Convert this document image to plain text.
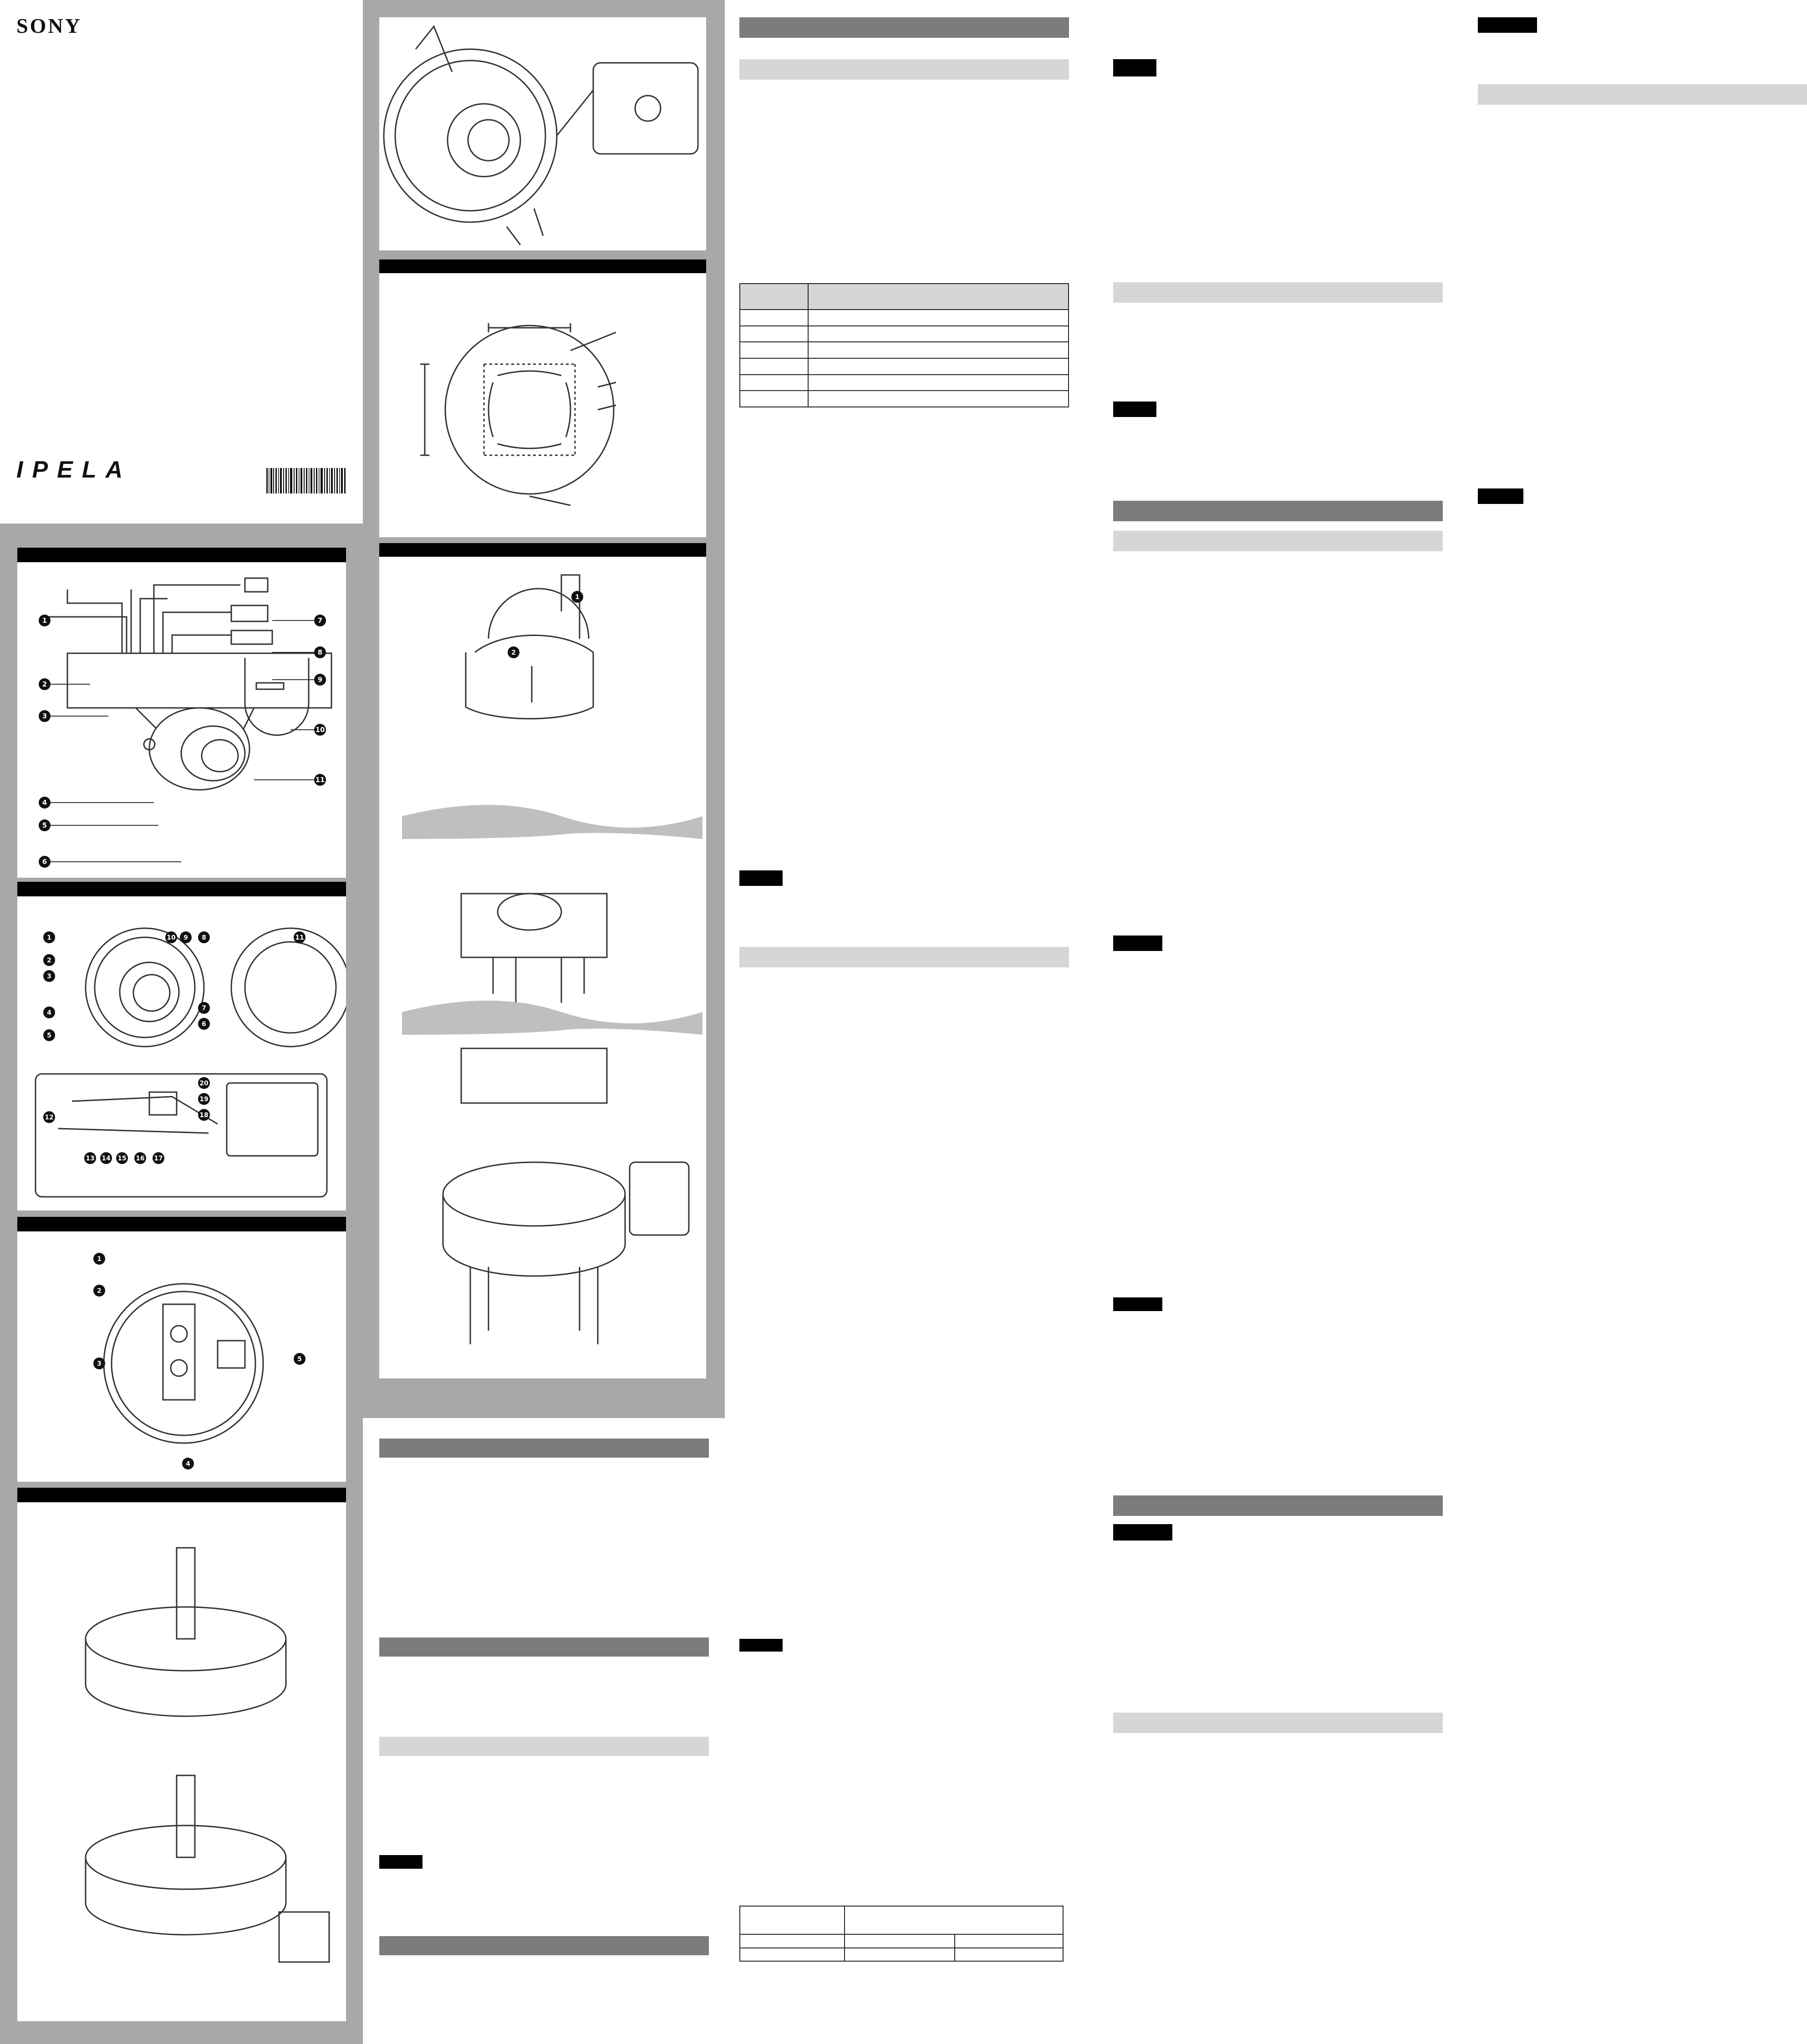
SONY
IPELA
1
2
3
4
5
6
7
8
9
10
11
1
2
3
4
5
10 9 8
7
6
11
12
13 14 15 16 17
18
19
20
1
2
3
5
4
1
2
